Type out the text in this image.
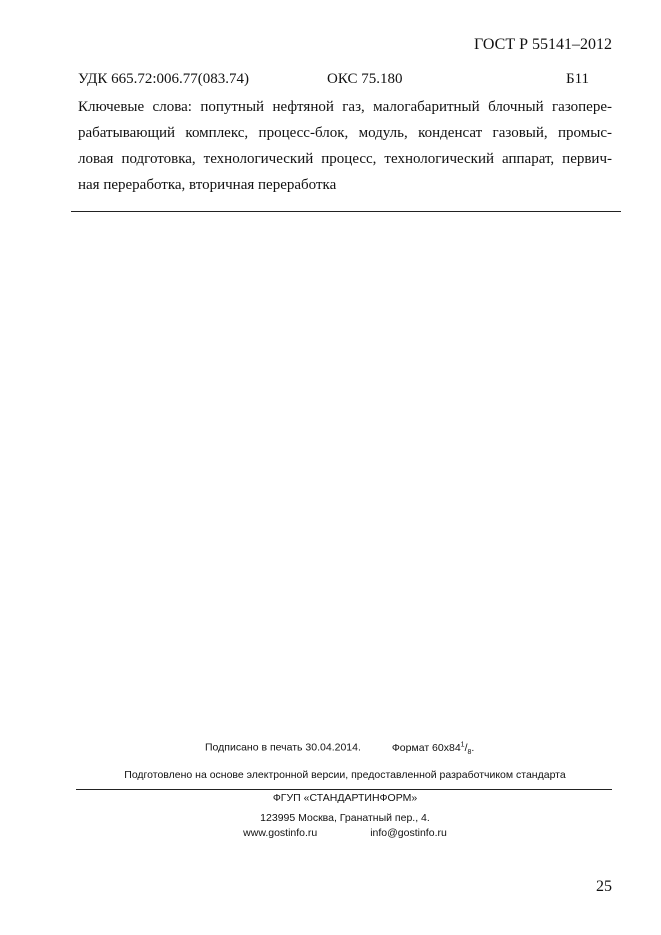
ГОСТ Р 55141–2012
УДК 665.72:006.77(083.74)	ОКС 75.180	Б11
Ключевые слова: попутный нефтяной газ, малогабаритный блочный газопере-
рабатывающий комплекс, процесс-блок, модуль, конденсат газовый, промыс-
ловая подготовка, технологический процесс, технологический аппарат, первич-
ная переработка, вторичная переработка
Подписано в печать 30.04.2014.	Формат $60x84^1/_8$.
Подготовлено на основе электронной версии, предоставленной разработчиком стандарта
ФГУП «СТАНДАРТИНФОРМ»
123995 Москва, Гранатный пер., 4.
www.gostinfo.ru	info@gostinfo.ru
25
